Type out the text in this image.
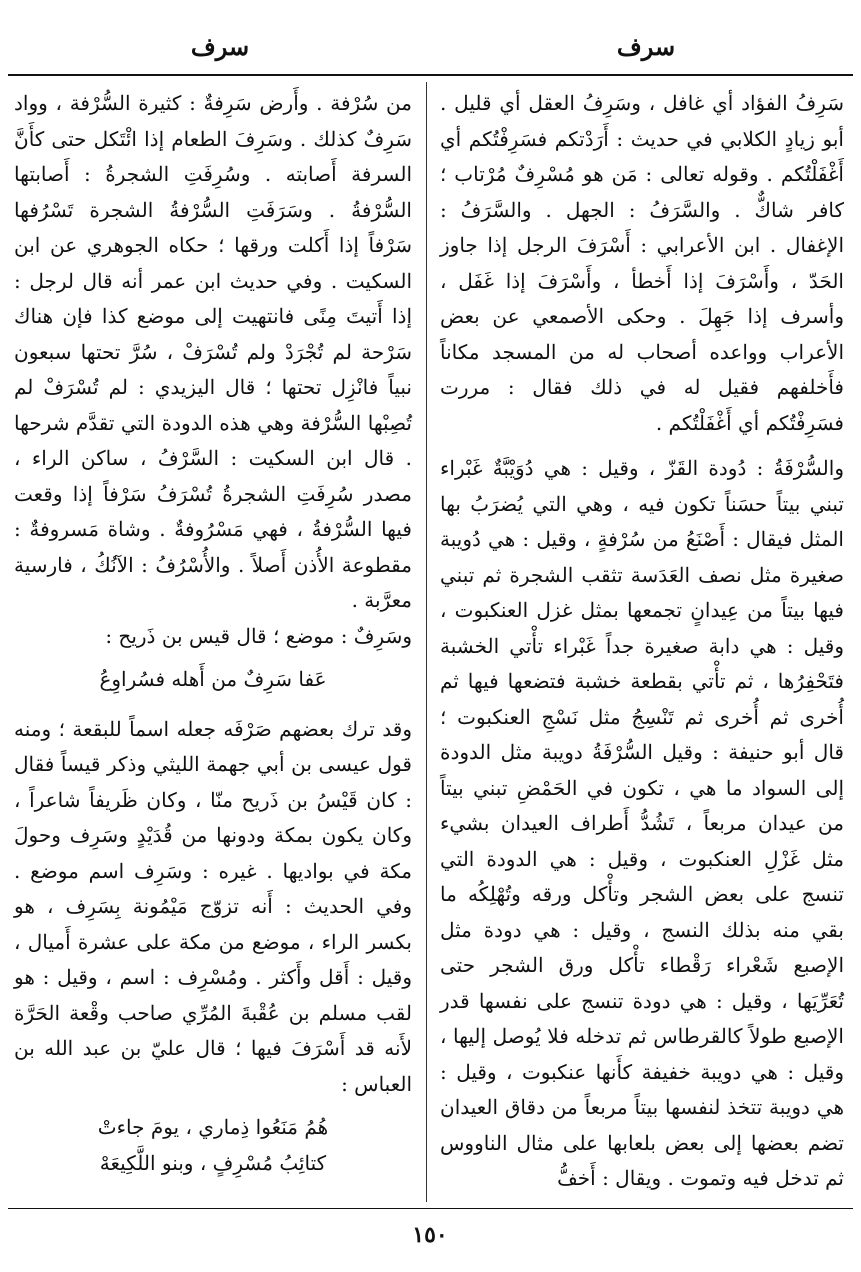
سرف
سرف

سَرِفُ الفؤاد أي غافل ، وسَرِفُ العقل أي قليل . أبو زيادٍ الكلابي في حديث : أَرَدْتكم فسَرِفْتُكم أي أَغْفَلْتُكم . وقوله تعالى : مَن هو مُسْرِفٌ مُرْتاب ؛ كافر شاكٌّ . والسَّرَفُ : الجهل . والسَّرَفُ : الإغفال . ابن الأعرابي : أَسْرَفَ الرجل إذا جاوز الحَدّ ، وأَسْرَفَ إذا أَخطأ ، وأَسْرَفَ إذا غَفَل ، وأسرف إذا جَهِلَ . وحكى الأصمعي عن بعض الأعراب وواعده أصحاب له من المسجد مكاناً فأَخلفهم فقيل له في ذلك فقال : مررت فسَرِفْتُكم أي أَغْفَلْتُكم .

والسُّرْفَةُ : دُودة القَزّ ، وقيل : هي دُوَيْبَّةٌ غَبْراء تبني بيتاً حسَناً تكون فيه ، وهي التي يُضرَبُ بها المثل فيقال : أَصْنَعُ من سُرْفةٍ ، وقيل : هي دُويبة صغيرة مثل نصف العَدَسة تثقب الشجرة ثم تبني فيها بيتاً من عِيدانٍ تجمعها بمثل غزل العنكبوت ، وقيل : هي دابة صغيرة جداً غَبْراء تأْتي الخشبة فتَحْفِرُها ، ثم تأْتي بقطعة خشبة فتضعها فيها ثم أُخرى ثم أُخرى ثم تَنْسِجُ مثل نَسْجِ العنكبوت ؛ قال أبو حنيفة : وقيل السُّرْفَةُ دويبة مثل الدودة إلى السواد ما هي ، تكون في الحَمْضِ تبني بيتاً من عيدان مربعاً ، تَشُدُّ أَطراف العيدان بشيء مثل غَزْلِ العنكبوت ، وقيل : هي الدودة التي تنسج على بعض الشجر وتأْكل ورقه وتُهْلِكُه ما بقي منه بذلك النسج ، وقيل : هي دودة مثل الإصبع شَعْراء رَقْطاء تأْكل ورق الشجر حتى تُعَرِّيَها ، وقيل : هي دودة تنسج على نفسها قدر الإصبع طولاً كالقرطاس ثم تدخله فلا يُوصل إليها ، وقيل : هي دويبة خفيفة كأَنها عنكبوت ، وقيل : هي دويبة تتخذ لنفسها بيتاً مربعاً من دقاق العيدان تضم بعضها إلى بعض بلعابها على مثال الناووس ثم تدخل فيه وتموت . ويقال : أَخفُّ

من سُرْفة . وأَرض سَرِفةٌ : كثيرة السُّرْفة ، وواد سَرِفٌ كذلك . وسَرِفَ الطعام إذا ائْتَكل حتى كأَنَّ السرفة أَصابته . وسُرِفَتِ الشجرةُ : أَصابتها السُّرْفةُ . وسَرَفَتِ السُّرْفةُ الشجرة تَسْرُفها سَرْفاً إذا أَكلت ورقها ؛ حكاه الجوهري عن ابن السكيت . وفي حديث ابن عمر أنه قال لرجل : إذا أَتيتَ مِنًى فانتهيت إلى موضع كذا فإن هناك سَرْحة لم تُجْرَدْ ولم تُسْرَفْ ، سُرَّ تحتها سبعون نبياً فانْزِل تحتها ؛ قال اليزيدي : لم تُسْرَفْ لم تُصِبْها السُّرْفة وهي هذه الدودة التي تقدَّم شرحها . قال ابن السكيت : السَّرْفُ ، ساكن الراء ، مصدر سُرِفَتِ الشجرةُ تُسْرَفُ سَرْفاً إذا وقعت فيها السُّرْفةُ ، فهي مَسْرُوفةٌ . وشاة مَسروفةٌ : مقطوعة الأُذن أَصلاً . والأُسْرُفُ : الآنُكُ ، فارسية معرَّبة .

وسَرِفٌ : موضع ؛ قال قيس بن ذَريح :

عَفا سَرِفٌ من أَهله فسُراوِعُ

وقد ترك بعضهم صَرْفَه جعله اسماً للبقعة ؛ ومنه قول عيسى بن أبي جهمة الليثي وذكر قيساً فقال : كان قَيْسُ بن ذَريح منّا ، وكان ظَريفاً شاعراً ، وكان يكون بمكة ودونها من قُدَيْدٍ وسَرِف وحولَ مكة في بواديها . غيره : وسَرِف اسم موضع . وفي الحديث : أَنه تزوّج مَيْمُونة بِسَرِف ، هو بكسر الراء ، موضع من مكة على عشرة أَميال ، وقيل : أَقل وأَكثر . ومُسْرِف : اسم ، وقيل : هو لقب مسلم بن عُقْبةَ المُرِّي صاحب وقْعة الحَرَّة لأَنه قد أَسْرَفَ فيها ؛ قال عليّ بن عبد الله بن العباس :

هُمُ مَنَعُوا ذِماري ، يومَ جاءتْ
كتائِبُ مُسْرِفٍ ، وبنو اللَّكِيعَهْ
١٥٠
